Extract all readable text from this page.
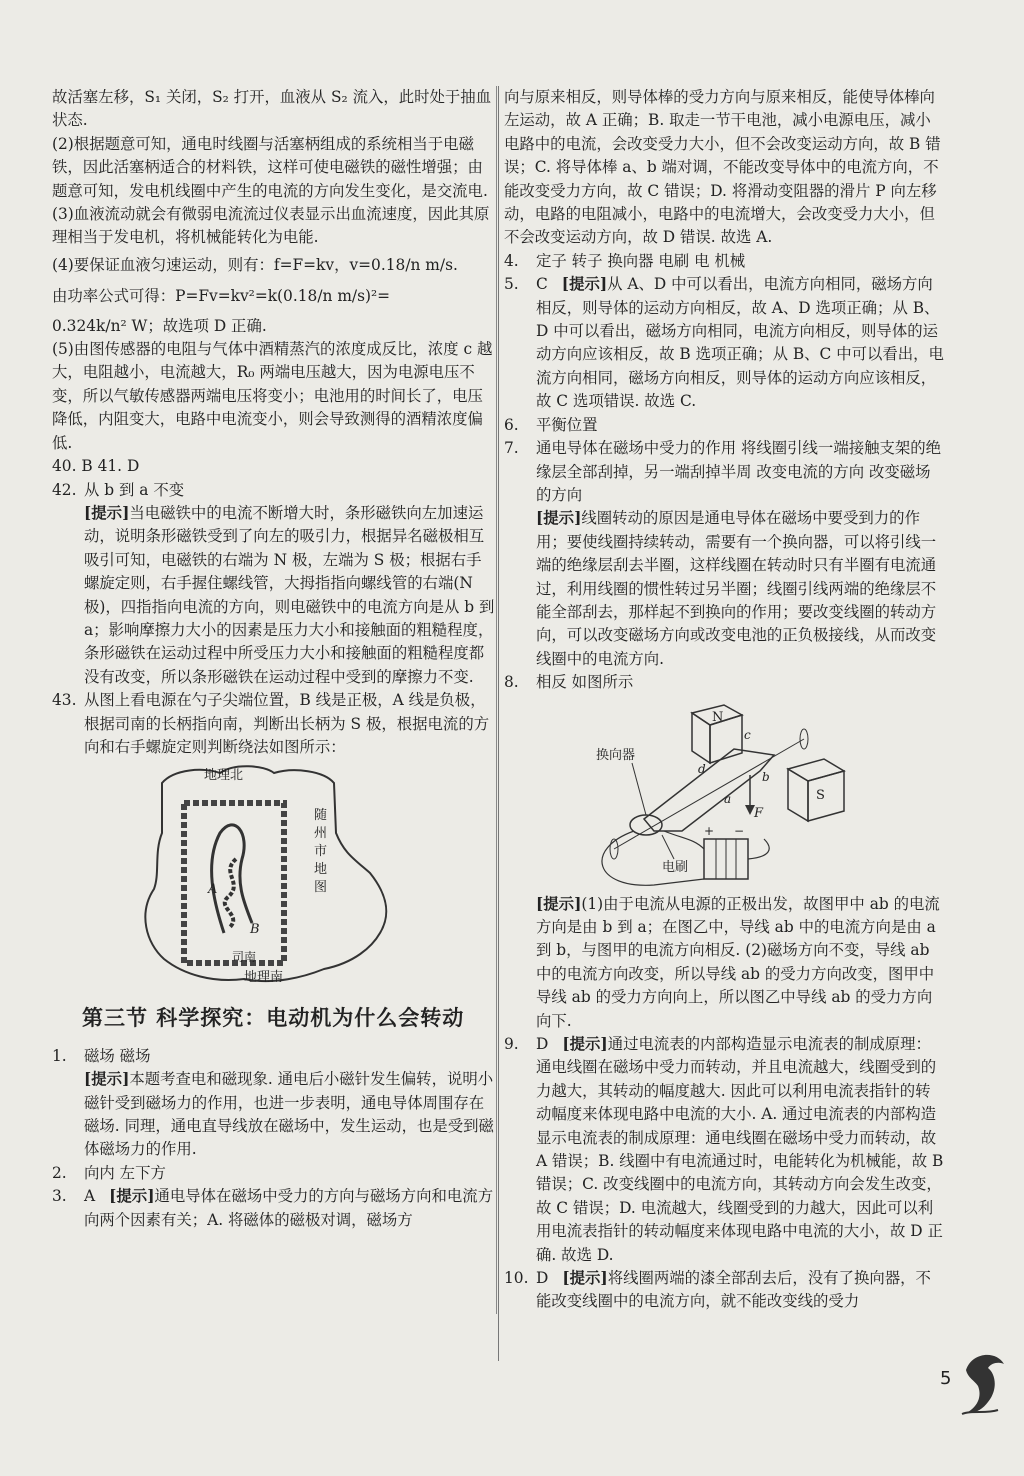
故活塞左移，S₁ 关闭，S₂ 打开，血液从 S₂ 流入，此时处于抽血状态.

(2)根据题意可知，通电时线圈与活塞柄组成的系统相当于电磁铁，因此活塞柄适合的材料铁，这样可使电磁铁的磁性增强；由题意可知，发电机线圈中产生的电流的方向发生变化，是交流电.

(3)血液流动就会有微弱电流流过仪表显示出血流速度，因此其原理相当于发电机，将机械能转化为电能.

(4)要保证血液匀速运动，则有：f=F=kv，v=0.18/n m/s.

由功率公式可得：P=Fv=kv²=k(0.18/n m/s)²=

0.324k/n² W；故选项 D 正确.

(5)由图传感器的电阻与气体中酒精蒸汽的浓度成反比，浓度 c 越大，电阻越小，电流越大，R₀ 两端电压越大，因为电源电压不变，所以气敏传感器两端电压将变小；电池用的时间长了，电压降低，内阻变大，电路中电流变小，则会导致测得的酒精浓度偏低.

40. B 41. D

42. 从 b 到 a 不变

[提示]当电磁铁中的电流不断增大时，条形磁铁向左加速运动，说明条形磁铁受到了向左的吸引力，根据异名磁极相互吸引可知，电磁铁的右端为 N 极，左端为 S 极；根据右手螺旋定则，右手握住螺线管，大拇指指向螺线管的右端(N 极)，四指指向电流的方向，则电磁铁中的电流方向是从 b 到 a；影响摩擦力大小的因素是压力大小和接触面的粗糙程度，条形磁铁在运动过程中所受压力大小和接触面的粗糙程度都没有改变，所以条形磁铁在运动过程中受到的摩擦力不变.

43. 从图上看电源在勺子尖端位置，B 线是正极，A 线是负极，根据司南的长柄指向南，判断出长柄为 S 极，根据电流的方向和右手螺旋定则判断绕法如图所示：

地理北
地理南
司南
A
B
随
州
市
地
图
第三节 科学探究：电动机为什么会转动
1.	磁场 磁场

[提示]本题考查电和磁现象. 通电后小磁针发生偏转，说明小磁针受到磁场力的作用，也进一步表明，通电导体周围存在磁场. 同理，通电直导线放在磁场中，发生运动，也是受到磁体磁场力的作用.

2.	向内 左下方

3.	A [提示]通电导体在磁场中受力的方向与磁场方向和电流方向两个因素有关；A. 将磁体的磁极对调，磁场方

向与原来相反，则导体棒的受力方向与原来相反，能使导体棒向左运动，故 A 正确；B. 取走一节干电池，减小电源电压，减小电路中的电流，会改变受力大小，但不会改变运动方向，故 B 错误；C. 将导体棒 a、b 端对调，不能改变导体中的电流方向，不能改变受力方向，故 C 错误；D. 将滑动变阻器的滑片 P 向左移动，电路的电阻减小，电路中的电流增大，会改变受力大小，但不会改变运动方向，故 D 错误. 故选 A.

4.	定子 转子 换向器 电刷 电 机械

5.	C [提示]从 A、D 中可以看出，电流方向相同，磁场方向相反，则导体的运动方向相反，故 A、D 选项正确；从 B、D 中可以看出，磁场方向相同，电流方向相反，则导体的运动方向应该相反，故 B 选项正确；从 B、C 中可以看出，电流方向相同，磁场方向相反，则导体的运动方向应该相反，故 C 选项错误. 故选 C.

6.	平衡位置

7.	通电导体在磁场中受力的作用 将线圈引线一端接触支架的绝缘层全部刮掉，另一端刮掉半周 改变电流的方向 改变磁场的方向

[提示]线圈转动的原因是通电导体在磁场中要受到力的作用；要使线圈持续转动，需要有一个换向器，可以将引线一端的绝缘层刮去半圈，这样线圈在转动时只有半圈有电流通过，利用线圈的惯性转过另半圈；线圈引线两端的绝缘层不能全部刮去，那样起不到换向的作用；要改变线圈的转动方向，可以改变磁场方向或改变电池的正负极接线，从而改变线圈中的电流方向.

8.	相反 如图所示

N
S
F
a
b
c
d
换向器
电刷
+ −

[提示](1)由于电流从电源的正极出发，故图甲中 ab 的电流方向是由 b 到 a；在图乙中，导线 ab 中的电流方向是由 a 到 b，与图甲的电流方向相反. (2)磁场方向不变，导线 ab 中的电流方向改变，所以导线 ab 的受力方向改变，图甲中导线 ab 的受力方向向上，所以图乙中导线 ab 的受力方向向下.

9.	D [提示]通过电流表的内部构造显示电流表的制成原理：通电线圈在磁场中受力而转动，并且电流越大，线圈受到的力越大，其转动的幅度越大. 因此可以利用电流表指针的转动幅度来体现电路中电流的大小. A. 通过电流表的内部构造显示电流表的制成原理：通电线圈在磁场中受力而转动，故 A 错误；B. 线圈中有电流通过时，电能转化为机械能，故 B 错误；C. 改变线圈中的电流方向，其转动方向会发生改变，故 C 错误；D. 电流越大，线圈受到的力越大，因此可以利用电流表指针的转动幅度来体现电路中电流的大小，故 D 正确. 故选 D.

10. D [提示]将线圈两端的漆全部刮去后，没有了换向器，不能改变线圈中的电流方向，就不能改变线的受力

5
